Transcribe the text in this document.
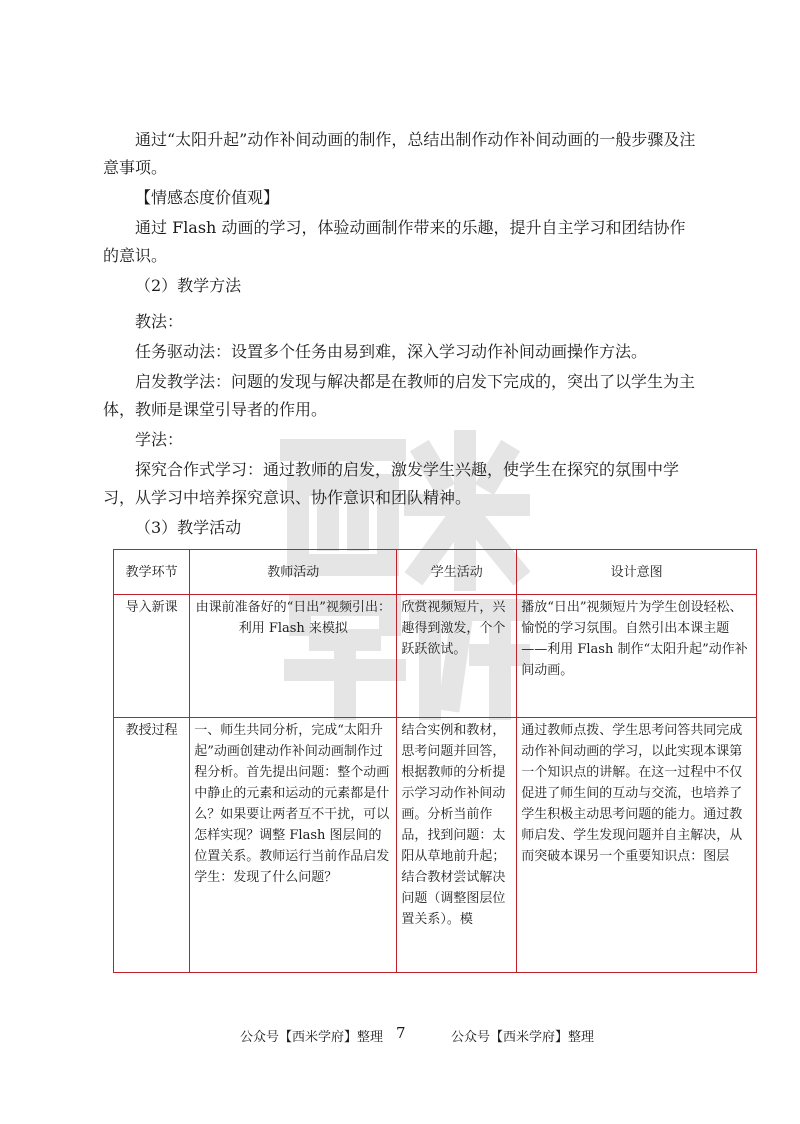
通过“太阳升起”动作补间动画的制作，总结出制作动作补间动画的一般步骤及注意事项。
【情感态度价值观】
通过 Flash 动画的学习，体验动画制作带来的乐趣，提升自主学习和团结协作的意识。
（2）教学方法
教法：
任务驱动法：设置多个任务由易到难，深入学习动作补间动画操作方法。
启发教学法：问题的发现与解决都是在教师的启发下完成的，突出了以学生为主体，教师是课堂引导者的作用。
学法：
探究合作式学习：通过教师的启发，激发学生兴趣，使学生在探究的氛围中学习，从学习中培养探究意识、协作意识和团队精神。
（3）教学活动
教学环节	教师活动	学生活动	设计意图
导入新课	由课前准备好的“日出”视频引出：利用 Flash 来模拟	欣赏视频短片，兴趣得到激发，个个跃跃欲试。	播放“日出”视频短片为学生创设轻松、愉悦的学习氛围。自然引出本课主题——利用 Flash 制作“太阳升起”动作补间动画。
教授过程	一、师生共同分析，完成“太阳升起”动画创建动作补间动画制作过程分析。首先提出问题：整个动画中静止的元素和运动的元素都是什么？如果要让两者互不干扰，可以怎样实现？调整 Flash 图层间的位置关系。教师运行当前作品启发学生：发现了什么问题？	结合实例和教材，思考问题并回答，根据教师的分析提示学习动作补间动画。分析当前作品，找到问题：太阳从草地前升起；结合教材尝试解决问题（调整图层位置关系）。模	通过教师点拨、学生思考问答共同完成动作补间动画的学习，以此实现本课第一个知识点的讲解。在这一过程中不仅促进了师生间的互动与交流，也培养了学生积极主动思考问题的能力。通过教师启发、学生发现问题并自主解决，从而突破本课另一个重要知识点：图层
公众号【西米学府】整理 7	公众号【西米学府】整理
